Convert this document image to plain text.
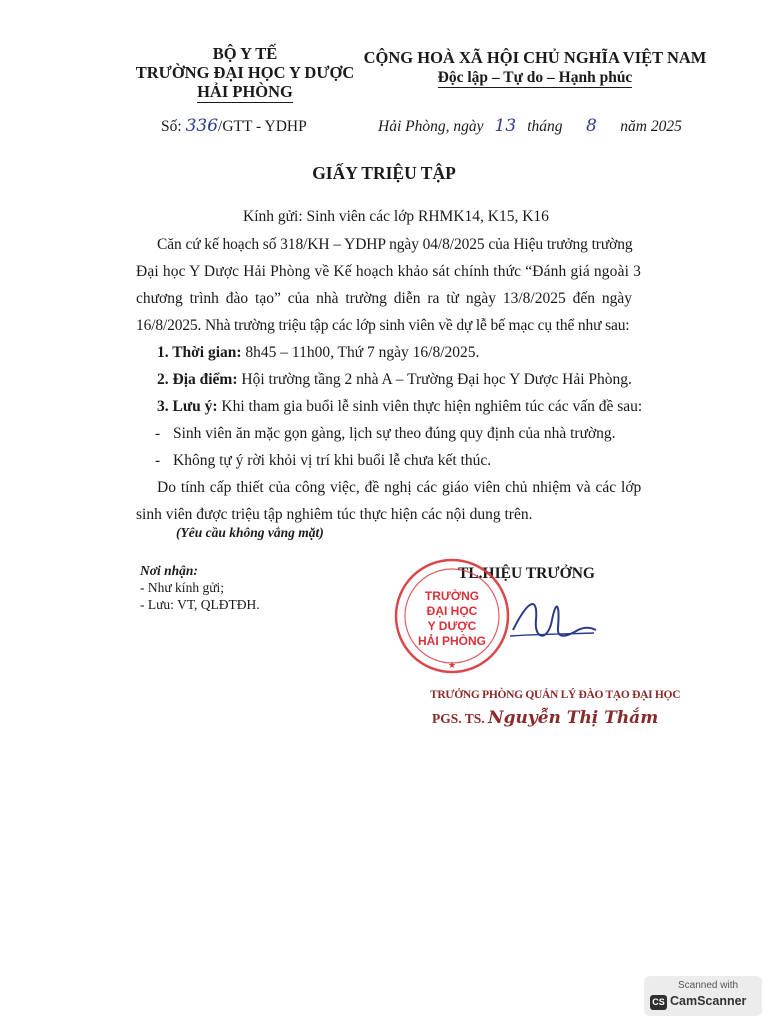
BỘ Y TẾ
TRƯỜNG ĐẠI HỌC Y DƯỢC
HẢI PHÒNG
CỘNG HOÀ XÃ HỘI CHỦ NGHĨA VIỆT NAM
Độc lập – Tự do – Hạnh phúc
Số: 336/GTT - YDHP	Hải Phòng, ngày 13 tháng 8 năm 2025
GIẤY TRIỆU TẬP
Kính gửi: Sinh viên các lớp RHMK14, K15, K16
Căn cứ kế hoạch số 318/KH – YDHP ngày 04/8/2025 của Hiệu trưởng trường
Đại học Y Dược Hải Phòng về Kế hoạch khảo sát chính thức “Đánh giá ngoài 3
chương trình đào tạo” của nhà trường diễn ra từ ngày 13/8/2025 đến ngày
16/8/2025. Nhà trường triệu tập các lớp sinh viên về dự lễ bế mạc cụ thể như sau:
1. Thời gian: 8h45 – 11h00, Thứ 7 ngày 16/8/2025.
2. Địa điểm: Hội trường tầng 2 nhà A – Trường Đại học Y Dược Hải Phòng.
3. Lưu ý: Khi tham gia buổi lễ sinh viên thực hiện nghiêm túc các vấn đề sau:
- Sinh viên ăn mặc gọn gàng, lịch sự theo đúng quy định của nhà trường.
- Không tự ý rời khỏi vị trí khi buổi lễ chưa kết thúc.
Do tính cấp thiết của công việc, đề nghị các giáo viên chủ nhiệm và các lớp
sinh viên được triệu tập nghiêm túc thực hiện các nội dung trên.
(Yêu cầu không vắng mặt)
Nơi nhận:
- Như kính gửi;
- Lưu: VT, QLĐTĐH.
TL.HIỆU TRƯỞNG
TRƯỜNG
ĐẠI HỌC
Y DƯỢC
HẢI PHÒNG
★
TRƯỞNG PHÒNG QUẢN LÝ ĐÀO TẠO ĐẠI HỌC
PGS. TS. Nguyễn Thị Thắm
Scanned with
CS CamScanner
